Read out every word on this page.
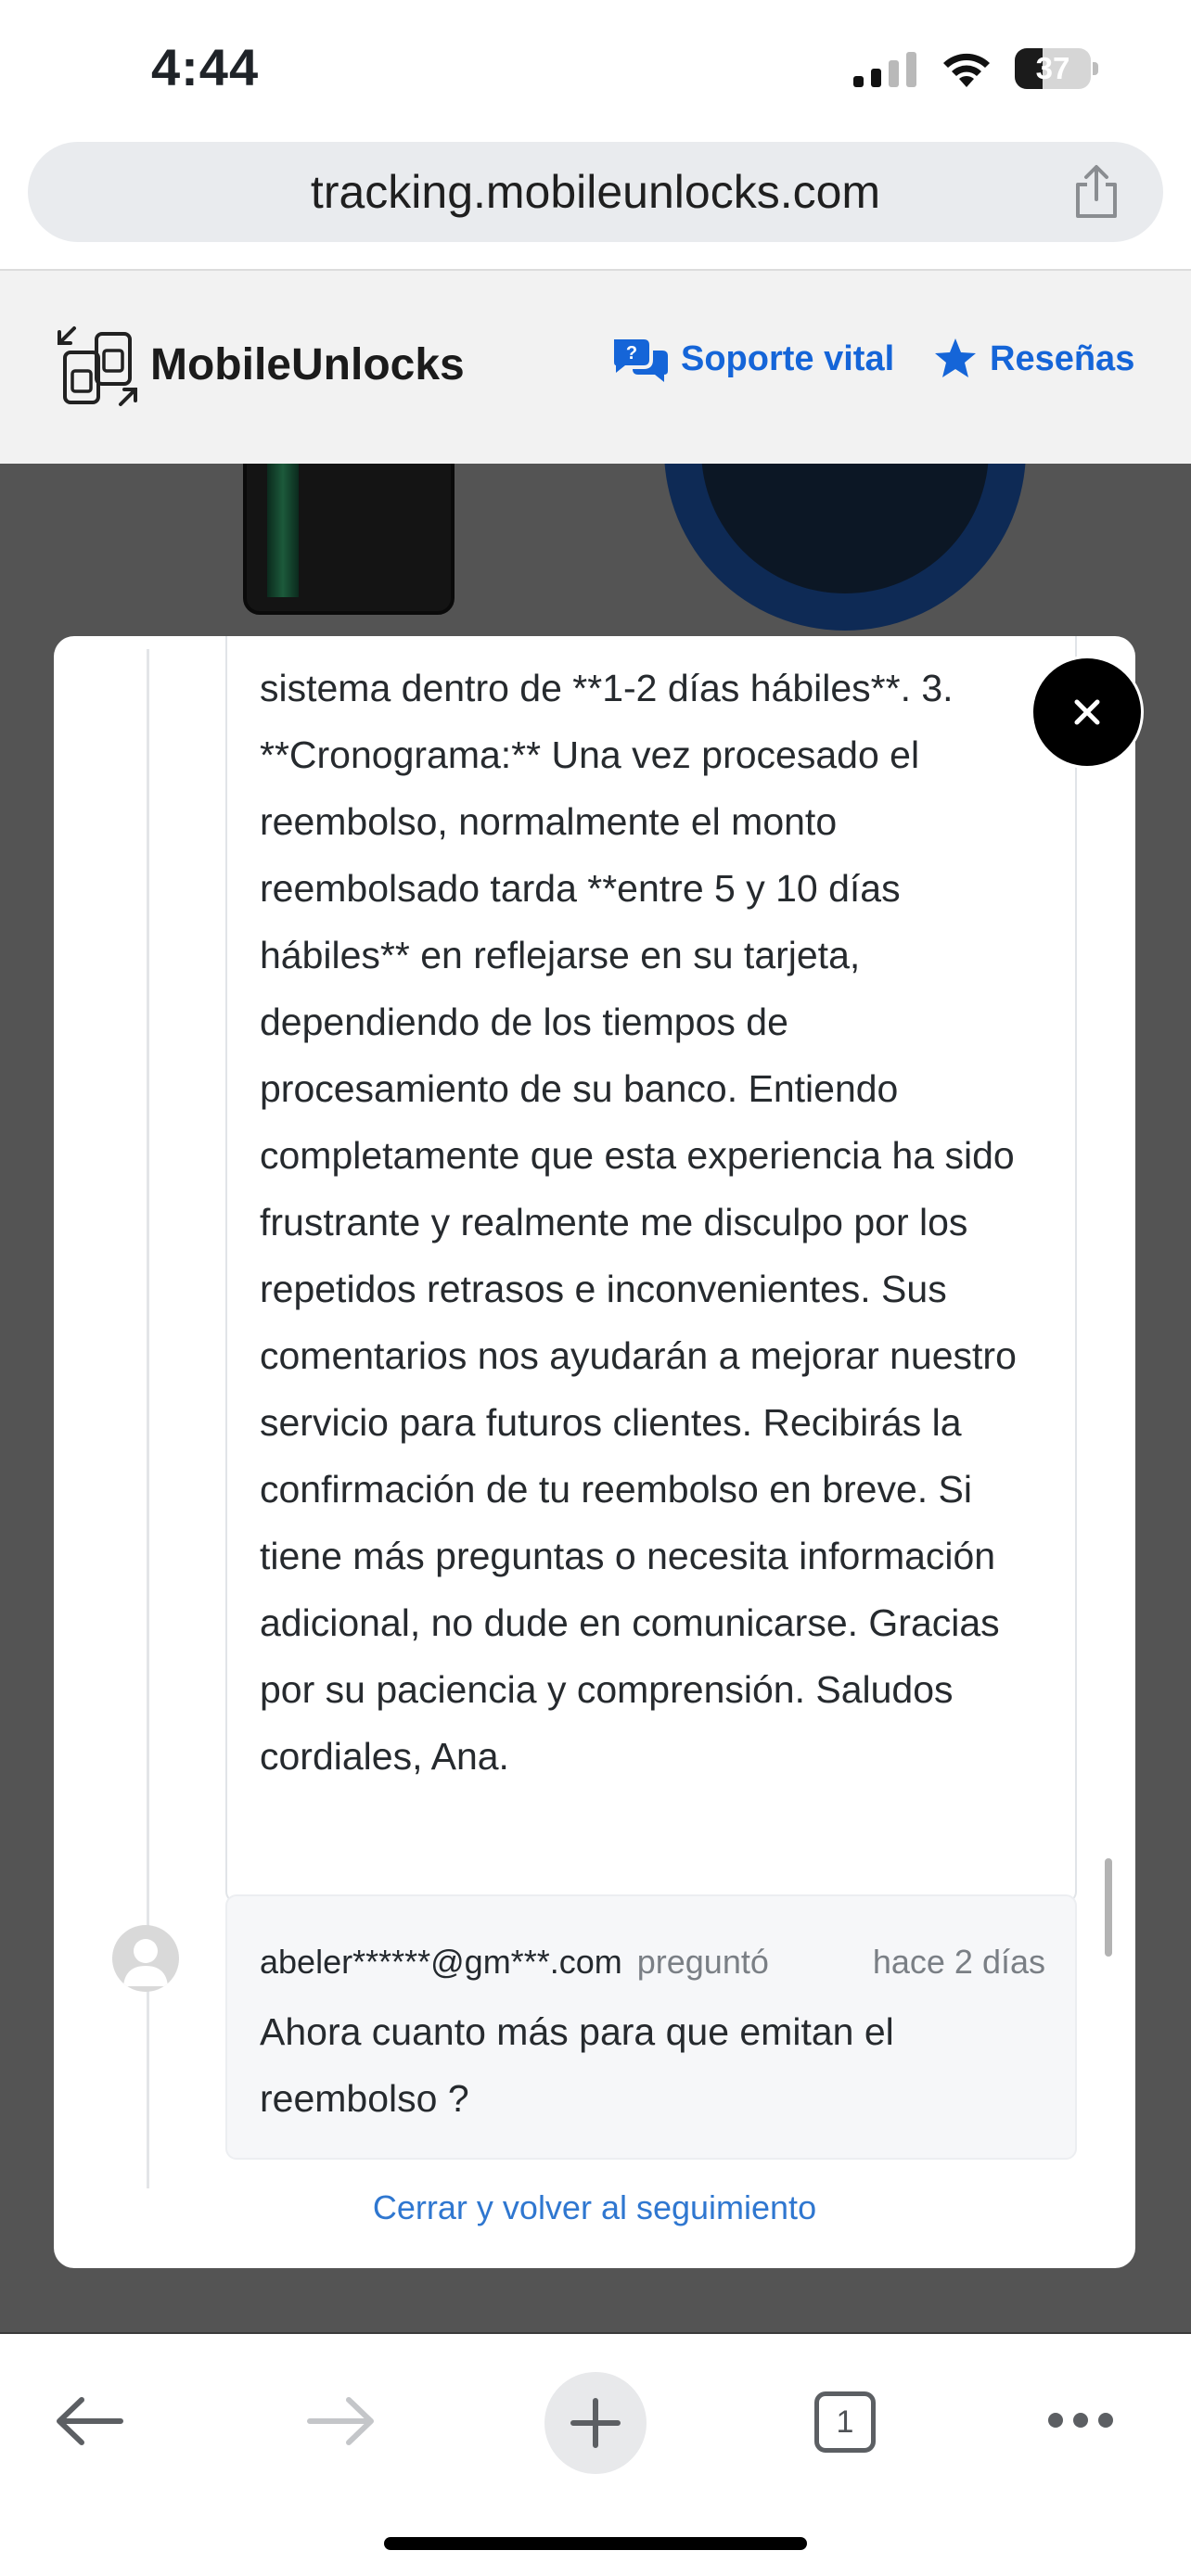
4:44	37
tracking.mobileunlocks.com
MobileUnlocks	? Soporte vital	Reseñas

sistema dentro de **1-2 días hábiles**. 3. **Cronograma:** Una vez procesado el reembolso, normalmente el monto reembolsado tarda **entre 5 y 10 días hábiles** en reflejarse en su tarjeta, dependiendo de los tiempos de procesamiento de su banco. Entiendo completamente que esta experiencia ha sido frustrante y realmente me disculpo por los repetidos retrasos e inconvenientes. Sus comentarios nos ayudarán a mejorar nuestro servicio para futuros clientes. Recibirás la confirmación de tu reembolso en breve. Si tiene más preguntas o necesita información adicional, no dude en comunicarse. Gracias por su paciencia y comprensión. Saludos cordiales, Ana.

abeler******@gm***.com preguntó	hace 2 días

Ahora cuanto más para que emitan el reembolso ?

Cerrar y volver al seguimiento
1
